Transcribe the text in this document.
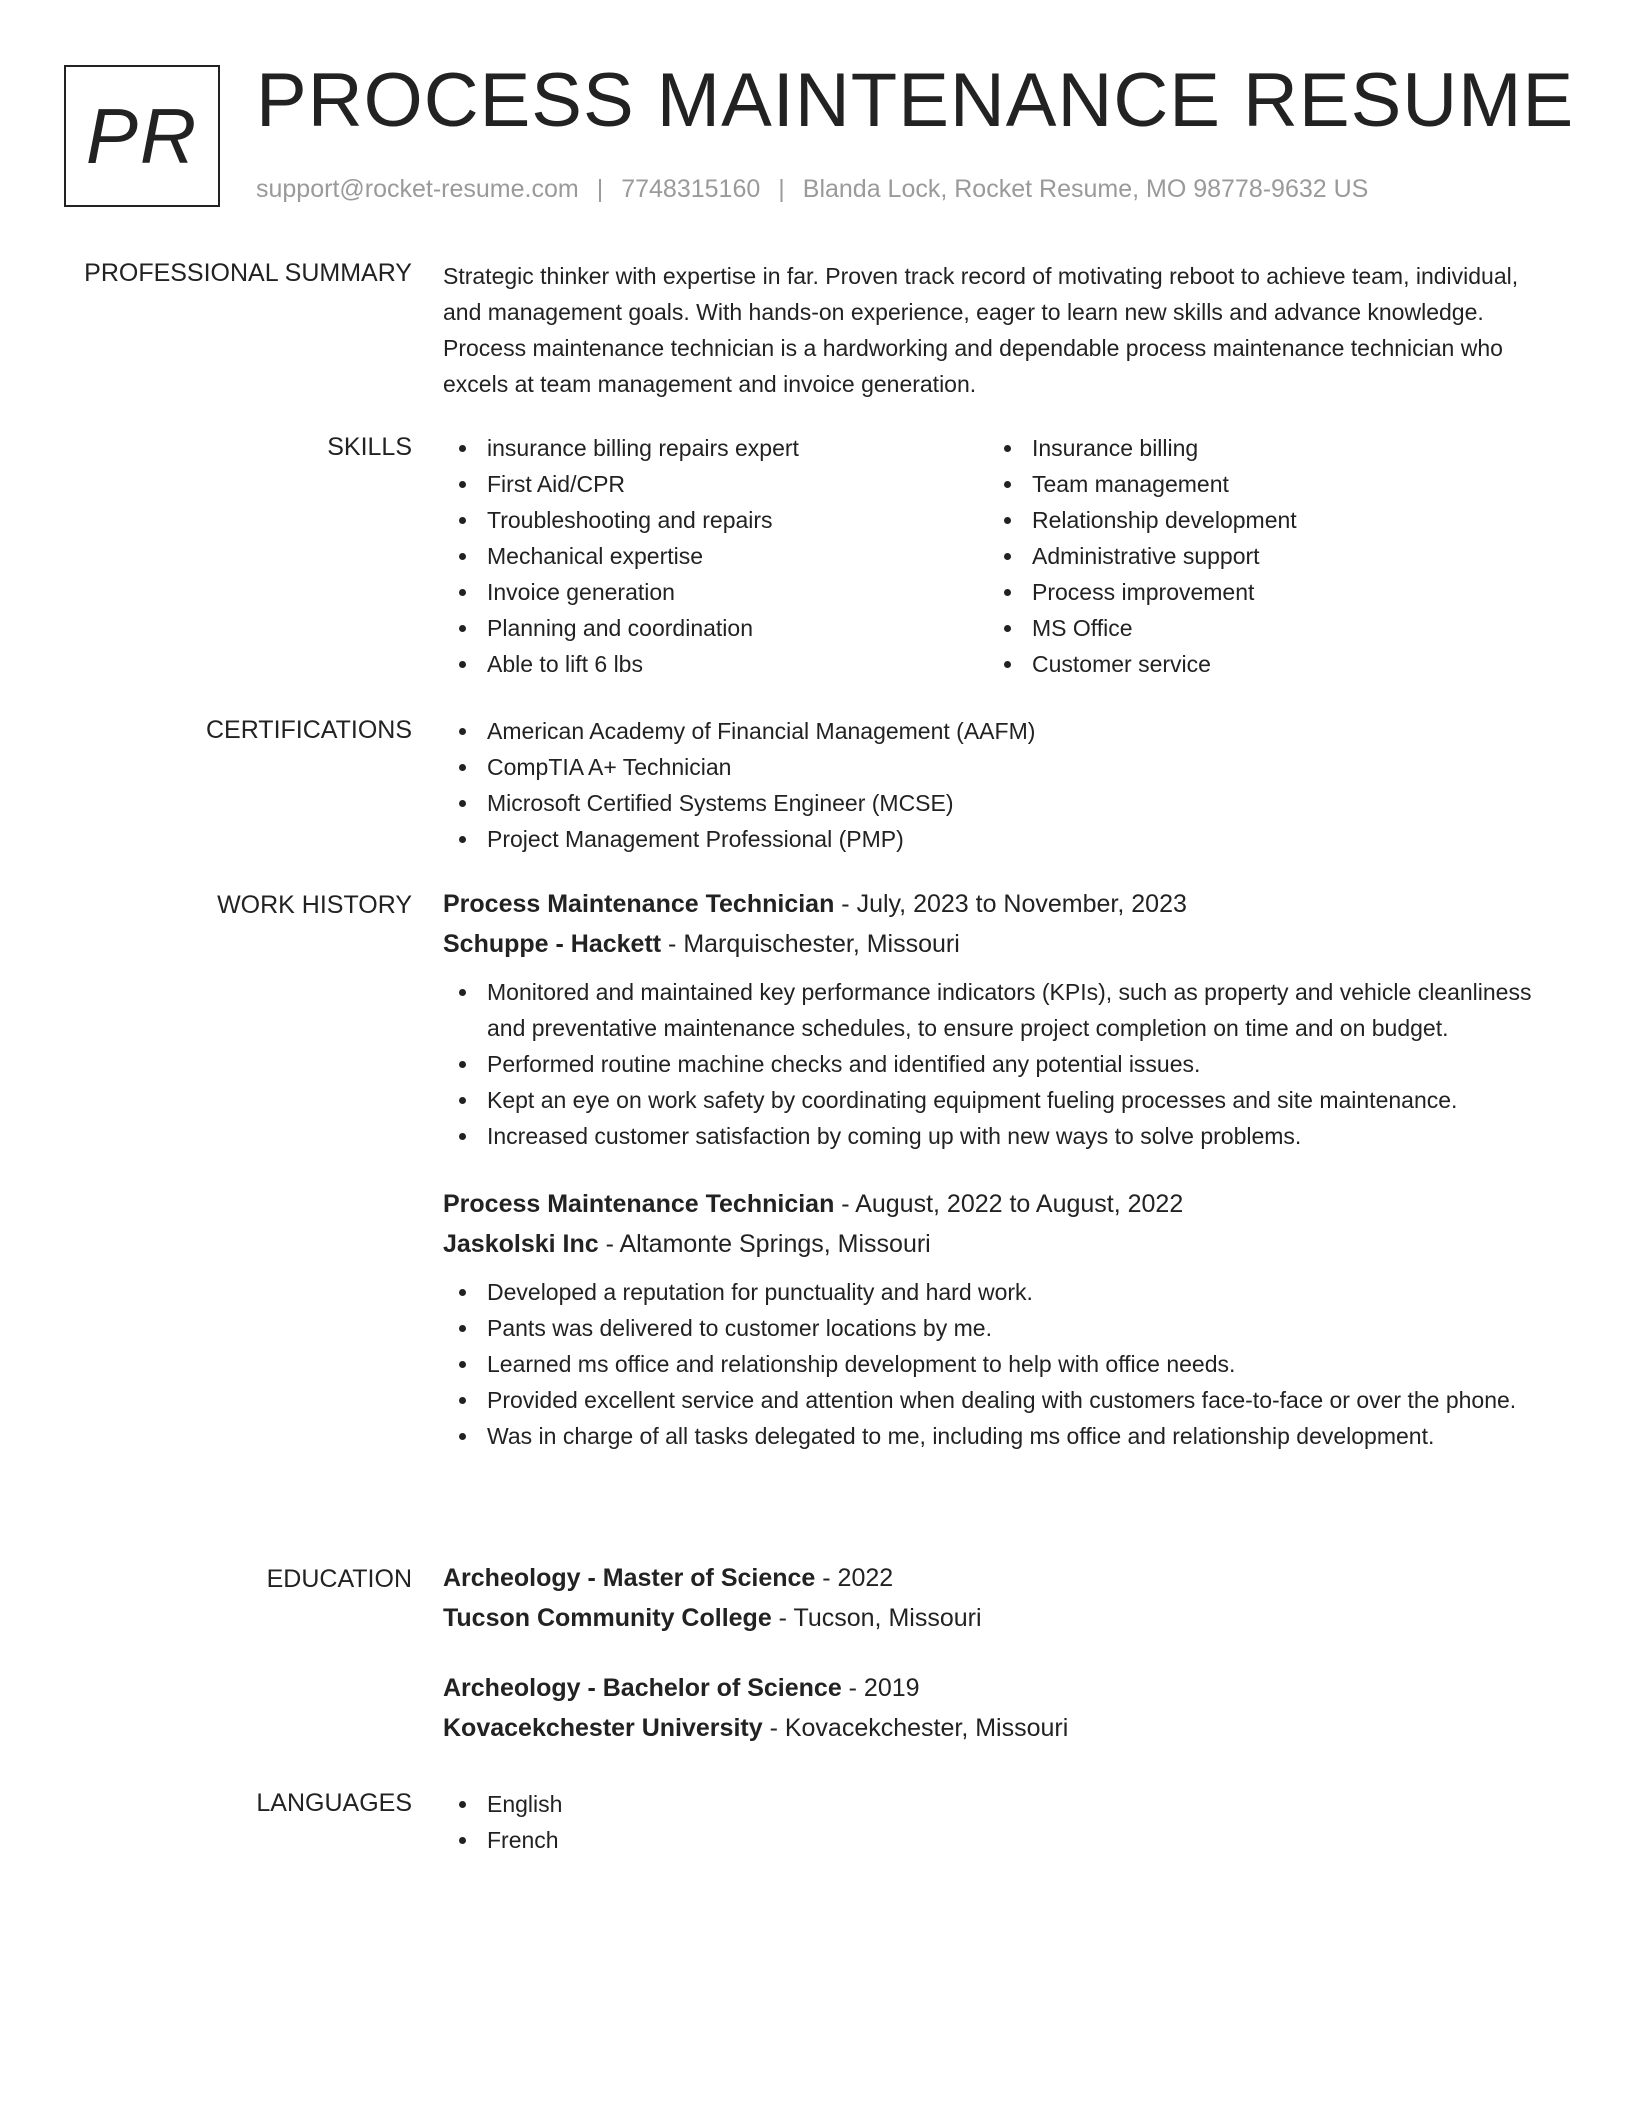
PR PROCESS MAINTENANCE RESUME
support@rocket-resume.com | 7748315160 | Blanda Lock, Rocket Resume, MO 98778-9632 US
PROFESSIONAL SUMMARY Strategic thinker with expertise in far. Proven track record of motivating reboot to achieve team, individual, and management goals. With hands-on experience, eager to learn new skills and advance knowledge. Process maintenance technician is a hardworking and dependable process maintenance technician who excels at team management and invoice generation.

SKILLS	insurance billing repairs expert
First Aid/CPR
Troubleshooting and repairs
Mechanical expertise
Invoice generation
Planning and coordination
Able to lift 6 lbs
Insurance billing
Team management
Relationship development
Administrative support
Process improvement
MS Office
Customer service
CERTIFICATIONS	American Academy of Financial Management (AAFM)
CompTIA A+ Technician
Microsoft Certified Systems Engineer (MCSE)
Project Management Professional (PMP)
WORK HISTORY Process Maintenance Technician - July, 2023 to November, 2023
Schuppe - Hackett - Marquischester, Missouri
Monitored and maintained key performance indicators (KPIs), such as property and vehicle cleanliness and preventative maintenance schedules, to ensure project completion on time and on budget.
Performed routine machine checks and identified any potential issues.
Kept an eye on work safety by coordinating equipment fueling processes and site maintenance.
Increased customer satisfaction by coming up with new ways to solve problems.
Process Maintenance Technician - August, 2022 to August, 2022
Jaskolski Inc - Altamonte Springs, Missouri
Developed a reputation for punctuality and hard work.
Pants was delivered to customer locations by me.
Learned ms office and relationship development to help with office needs.
Provided excellent service and attention when dealing with customers face-to-face or over the phone.
Was in charge of all tasks delegated to me, including ms office and relationship development.
EDUCATION Archeology - Master of Science - 2022
Tucson Community College - Tucson, Missouri
Archeology - Bachelor of Science - 2019
Kovacekchester University - Kovacekchester, Missouri
LANGUAGES	English
French
